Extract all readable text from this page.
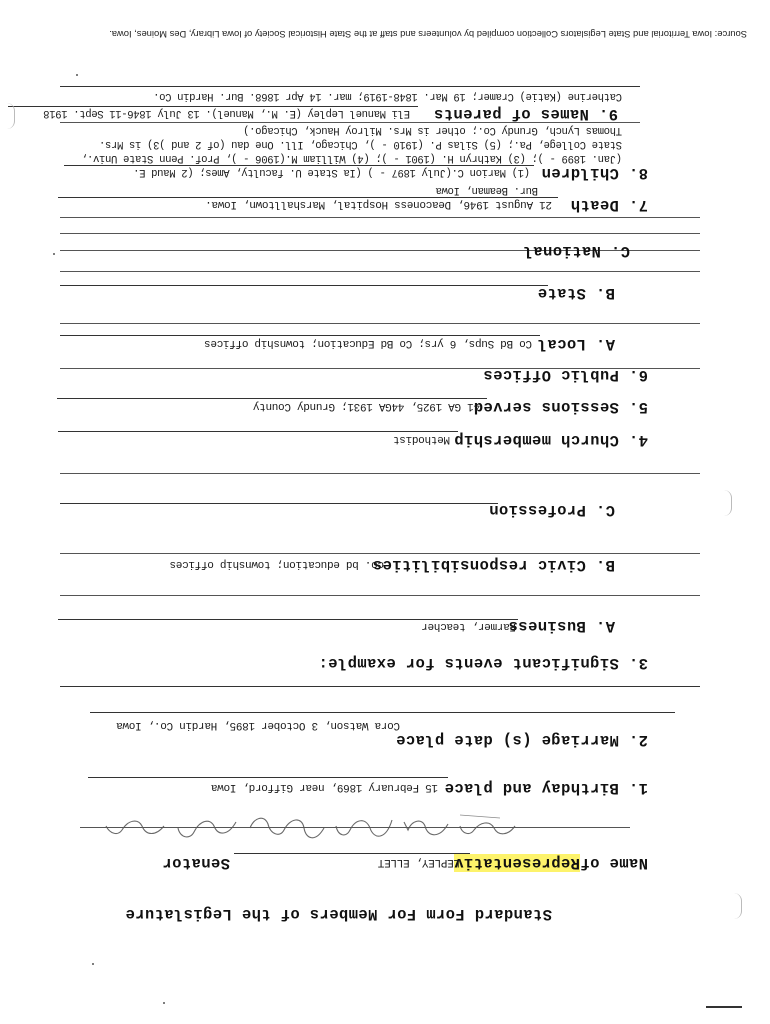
Source: Iowa Territorial and State Legislators Collection compiled by volunteers and staff at the State Historical Society of Iowa Library, Des Moines, Iowa.
Standard Form For Members of the Legislature
Name of
Representativ
LEPLEY, ELLET
Senator
1. Birthday and place
15 February 1869, near Gifford, Iowa
2. Marriage (s) date place
Cora Watson, 3 October 1895, Hardin Co., Iowa
3. Significant events for example:
A. Business
Farmer, teacher
B. Civic responsibilities
co. bd education; township offices
C. Profession
4. Church membership
Methodist
5. Sessions served
41 GA 1925, 44GA 1931; Grundy County
6. Public Offices
A. Local
Co Bd Sups, 6 yrs; Co Bd Education; township offices
B. State
C. National
7. Death
21 August 1946, Deaconess Hospital, Marshalltown, Iowa.
Bur. Beaman, Iowa
8. Children
(1) Marion C.(July 1897 - ) (Ia State U. faculty, Ames; (2 Maud E.
(Jan. 1899 - ); (3) Kathryn H. (1901 - ); (4) William M.(1906 - ), Prof. Penn State Univ.,
State College, Pa.; (5) Silas P. (1910 - ), Chicago, Ill. One dau (of 2 and )3) is Mrs.
Thomas Lynch, Grundy Co.; other is Mrs. Milroy Hauck, Chicago.)
9. Names of parents
Eli Manuel Lepley (E. M., Manuel). 13 July 1846-11 Sept. 1918
Catherine (Katie) Cramer; 19 Mar. 1848-1919; mar. 14 Apr 1868. Bur. Hardin Co.
